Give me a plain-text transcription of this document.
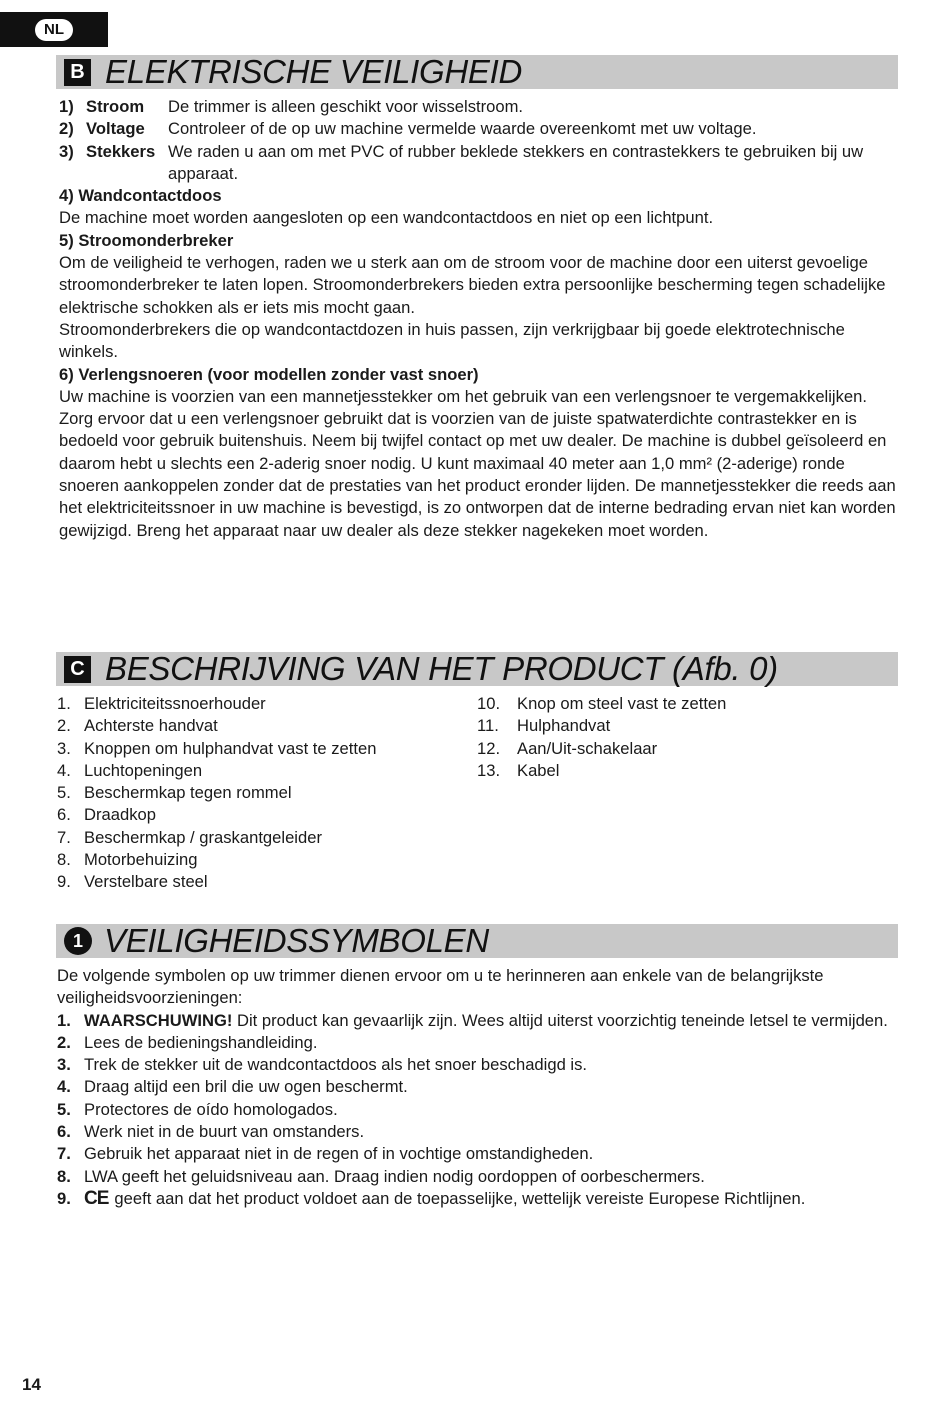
NL
B ELEKTRISCHE VEILIGHEID
1) Stroom	De trimmer is alleen geschikt voor wisselstroom.
2) Voltage	Controleer of de op uw machine vermelde waarde overeenkomt met uw voltage.
3) Stekkers We raden u aan om met PVC of rubber beklede stekkers en contrastekkers te gebruiken bij uw apparaat.

4) Wandcontactdoos

De machine moet worden aangesloten op een wandcontactdoos en niet op een lichtpunt.

5) Stroomonderbreker

Om de veiligheid te verhogen, raden we u sterk aan om de stroom voor de machine door een uiterst gevoelige stroomonderbreker te laten lopen. Stroomonderbrekers bieden extra persoonlijke bescherming tegen schadelijke elektrische schokken als er iets mis mocht gaan.

Stroomonderbrekers die op wandcontactdozen in huis passen, zijn verkrijgbaar bij goede elektrotechnische winkels.

6) Verlengsnoeren (voor modellen zonder vast snoer)

Uw machine is voorzien van een mannetjesstekker om het gebruik van een verlengsnoer te vergemakkelijken. Zorg ervoor dat u een verlengsnoer gebruikt dat is voorzien van de juiste spatwaterdichte contrastekker en is bedoeld voor gebruik buitenshuis. Neem bij twijfel contact op met uw dealer. De machine is dubbel geïsoleerd en daarom hebt u slechts een 2-aderig snoer nodig. U kunt maximaal 40 meter aan 1,0 mm² (2-aderige) ronde snoeren aankoppelen zonder dat de prestaties van het product eronder lijden. De mannetjesstekker die reeds aan het elektriciteitssnoer in uw machine is bevestigd, is zo ontworpen dat de interne bedrading ervan niet kan worden gewijzigd. Breng het apparaat naar uw dealer als deze stekker nagekeken moet worden.

C BESCHRIJVING VAN HET PRODUCT (Afb. 0)
1. Elektriciteitssnoerhouder
2. Achterste handvat
3. Knoppen om hulphandvat vast te zetten
4. Luchtopeningen
5. Beschermkap tegen rommel
6. Draadkop
7. Beschermkap / graskantgeleider
8. Motorbehuizing
9. Verstelbare steel
10.	Knop om steel vast te zetten
11.	Hulphandvat
12.	Aan/Uit-schakelaar
13.	Kabel
1 VEILIGHEIDSSYMBOLEN

De volgende symbolen op uw trimmer dienen ervoor om u te herinneren aan enkele van de belangrijkste veiligheidsvoorzieningen:

1. WAARSCHUWING! Dit product kan gevaarlijk zijn. Wees altijd uiterst voorzichtig teneinde letsel te vermijden.
2. Lees de bedieningshandleiding.
3. Trek de stekker uit de wandcontactdoos als het snoer beschadigd is.
4. Draag altijd een bril die uw ogen beschermt.
5. Protectores de oído homologados.
6. Werk niet in de buurt van omstanders.
7. Gebruik het apparaat niet in de regen of in vochtige omstandigheden.
8. LWA geeft het geluidsniveau aan. Draag indien nodig oordoppen of oorbeschermers.
9. CE geeft aan dat het product voldoet aan de toepasselijke, wettelijk vereiste Europese Richtlijnen.
14
